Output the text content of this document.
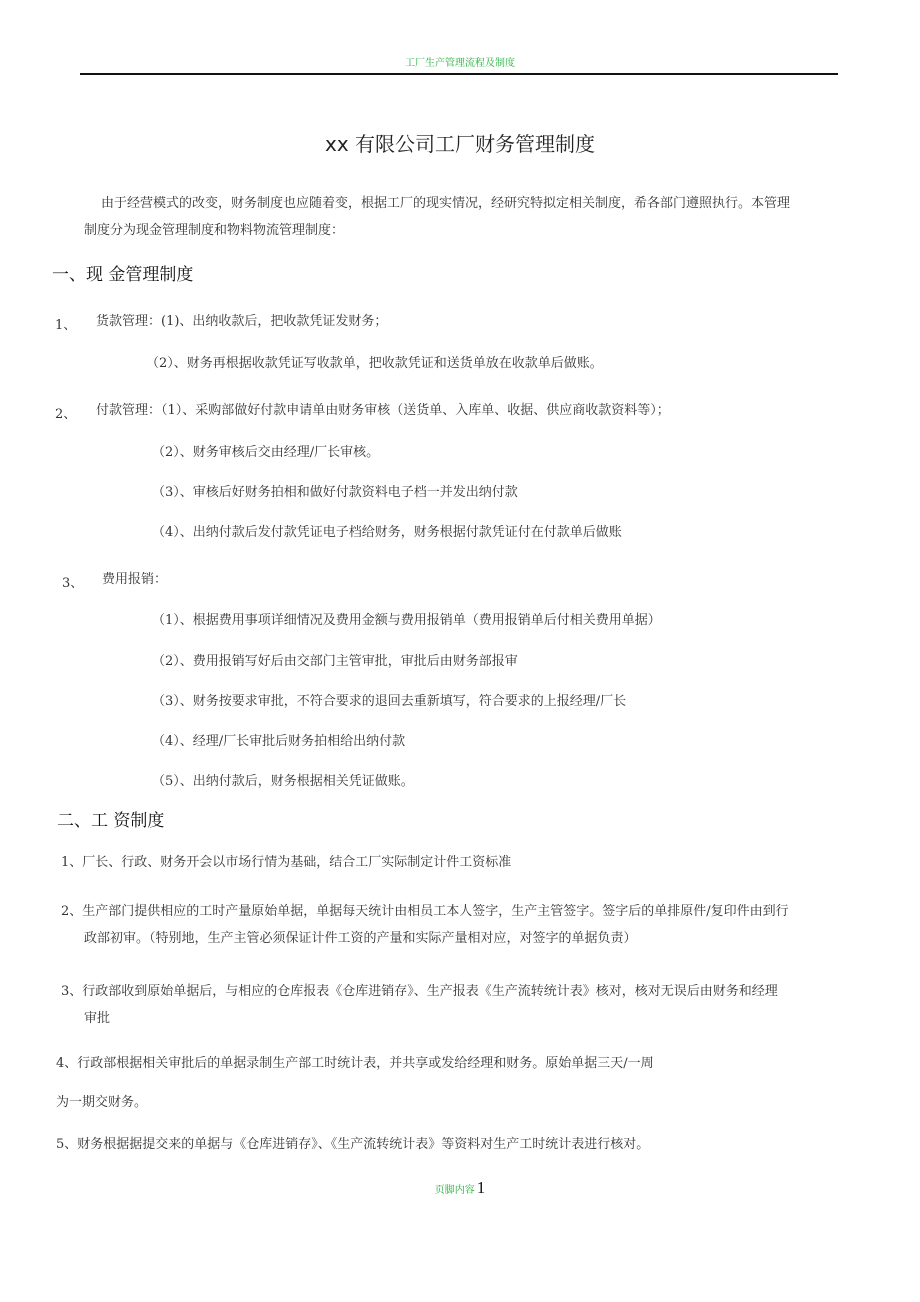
工厂生产管理流程及制度
xx 有限公司工厂财务管理制度
由于经营模式的改变，财务制度也应随着变，根据工厂的现实情况，经研究特拟定相关制度，希各部门遵照执行。本管理
制度分为现金管理制度和物料物流管理制度：
一、现 金管理制度
1、 货款管理：(1)、出纳收款后，把收款凭证发财务；
（2）、财务再根据收款凭证写收款单，把收款凭证和送货单放在收款单后做账。
2、 付款管理：（1）、采购部做好付款申请单由财务审核（送货单、入库单、收据、供应商收款资料等）；
（2）、财务审核后交由经理/厂长审核。
（3）、审核后好财务拍相和做好付款资料电子档一并发出纳付款
（4）、出纳付款后发付款凭证电子档给财务，财务根据付款凭证付在付款单后做账
3、 费用报销：
（1）、根据费用事项详细情况及费用金额与费用报销单（费用报销单后付相关费用单据）
（2）、费用报销写好后由交部门主管审批，审批后由财务部报审
（3）、财务按要求审批，不符合要求的退回去重新填写，符合要求的上报经理/厂长
（4）、经理/厂长审批后财务拍相给出纳付款
（5）、出纳付款后，财务根据相关凭证做账。
二、工 资制度
1、厂长、行政、财务开会以市场行情为基础，结合工厂实际制定计件工资标准
2、生产部门提供相应的工时产量原始单据，单据每天统计由相员工本人签字，生产主管签字。签字后的单排原件/复印件由到行
政部初审。（特别地，生产主管必须保证计件工资的产量和实际产量相对应，对签字的单据负责）
3、行政部收到原始单据后，与相应的仓库报表《仓库进销存》、生产报表《生产流转统计表》核对，核对无误后由财务和经理
审批
4、行政部根据相关审批后的单据录制生产部工时统计表，并共享或发给经理和财务。原始单据三天/一周
为一期交财务。
5、财务根据据提交来的单据与《仓库进销存》、《生产流转统计表》等资料对生产工时统计表进行核对。
页脚内容 1
